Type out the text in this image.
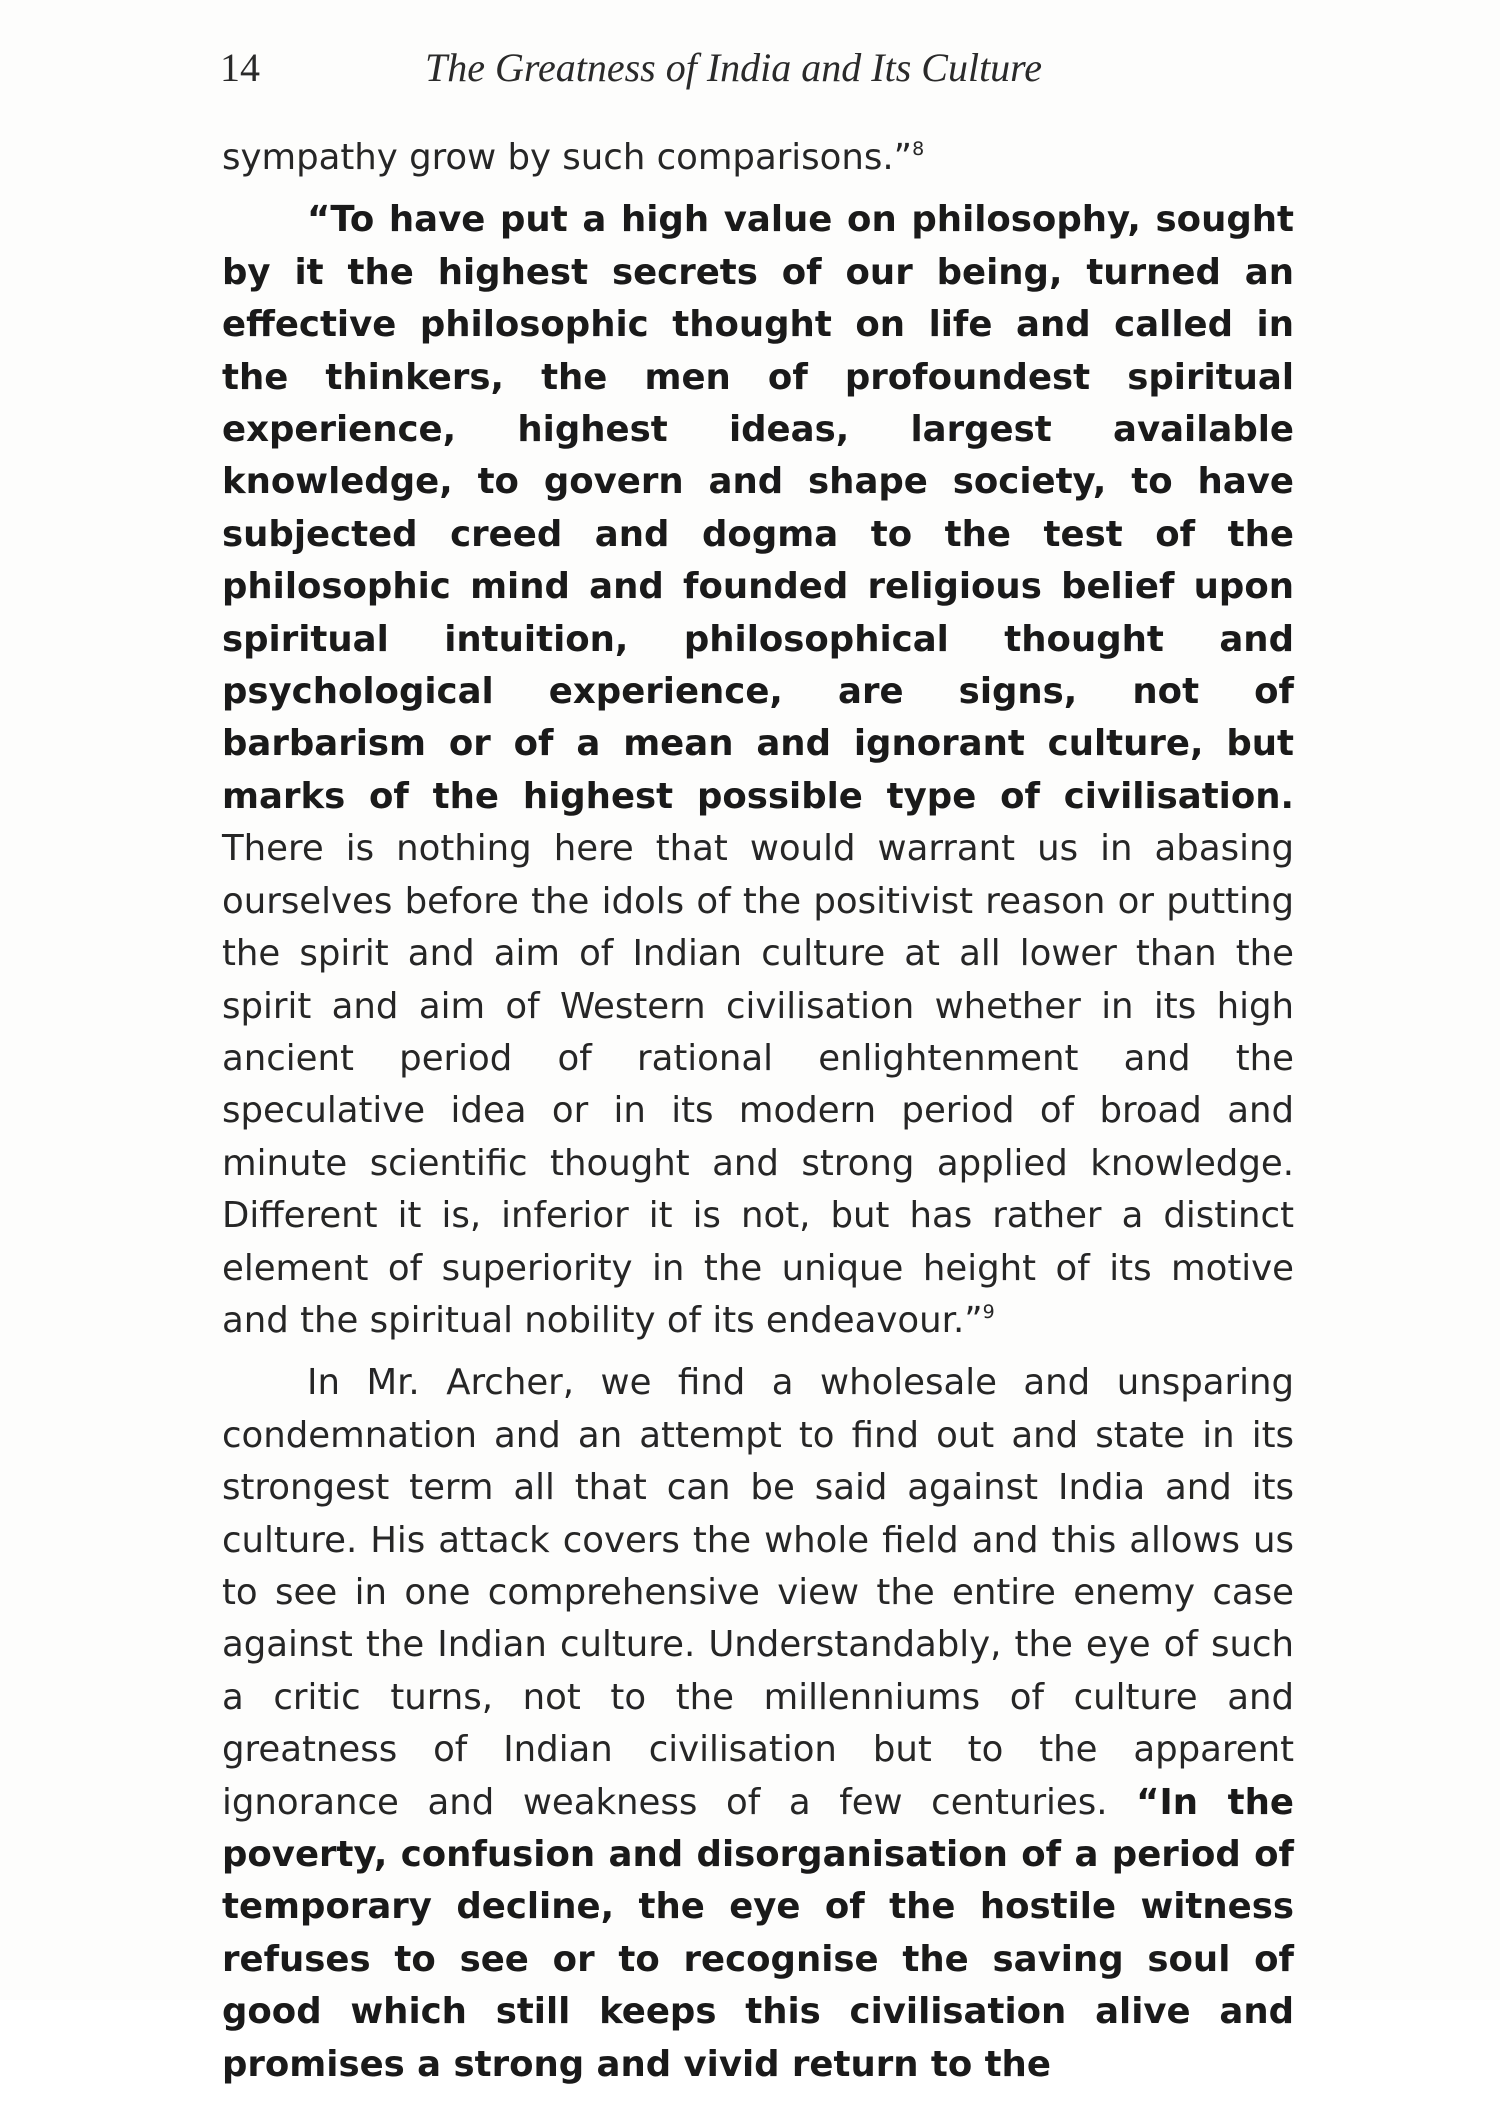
14	The Greatness of India and Its Culture

sympathy grow by such comparisons.”$^8$

“To have put a high value on philosophy, sought by it the highest secrets of our being, turned an effective philosophic thought on life and called in the thinkers, the men of profoundest spiritual experience, highest ideas, largest available knowledge, to govern and shape society, to have subjected creed and dogma to the test of the philosophic mind and founded religious belief upon spiritual intuition, philosophical thought and psychological experience, are signs, not of barbarism or of a mean and ignorant culture, but marks of the highest possible type of civilisation. There is nothing here that would warrant us in abasing ourselves before the idols of the positivist reason or putting the spirit and aim of Indian culture at all lower than the spirit and aim of Western civilisation whether in its high ancient period of rational enlightenment and the speculative idea or in its modern period of broad and minute scientific thought and strong applied knowledge. Different it is, inferior it is not, but has rather a distinct element of superiority in the unique height of its motive and the spiritual nobility of its endeavour.”$^9$

In Mr. Archer, we find a wholesale and unsparing condemnation and an attempt to find out and state in its strongest term all that can be said against India and its culture. His attack covers the whole field and this allows us to see in one comprehensive view the entire enemy case against the Indian culture. Understandably, the eye of such a critic turns, not to the millenniums of culture and greatness of Indian civilisation but to the apparent ignorance and weakness of a few centuries. “In the poverty, confusion and disorganisation of a period of temporary decline, the eye of the hostile witness refuses to see or to recognise the saving soul of good which still keeps this civilisation alive and promises a strong and vivid return to the
